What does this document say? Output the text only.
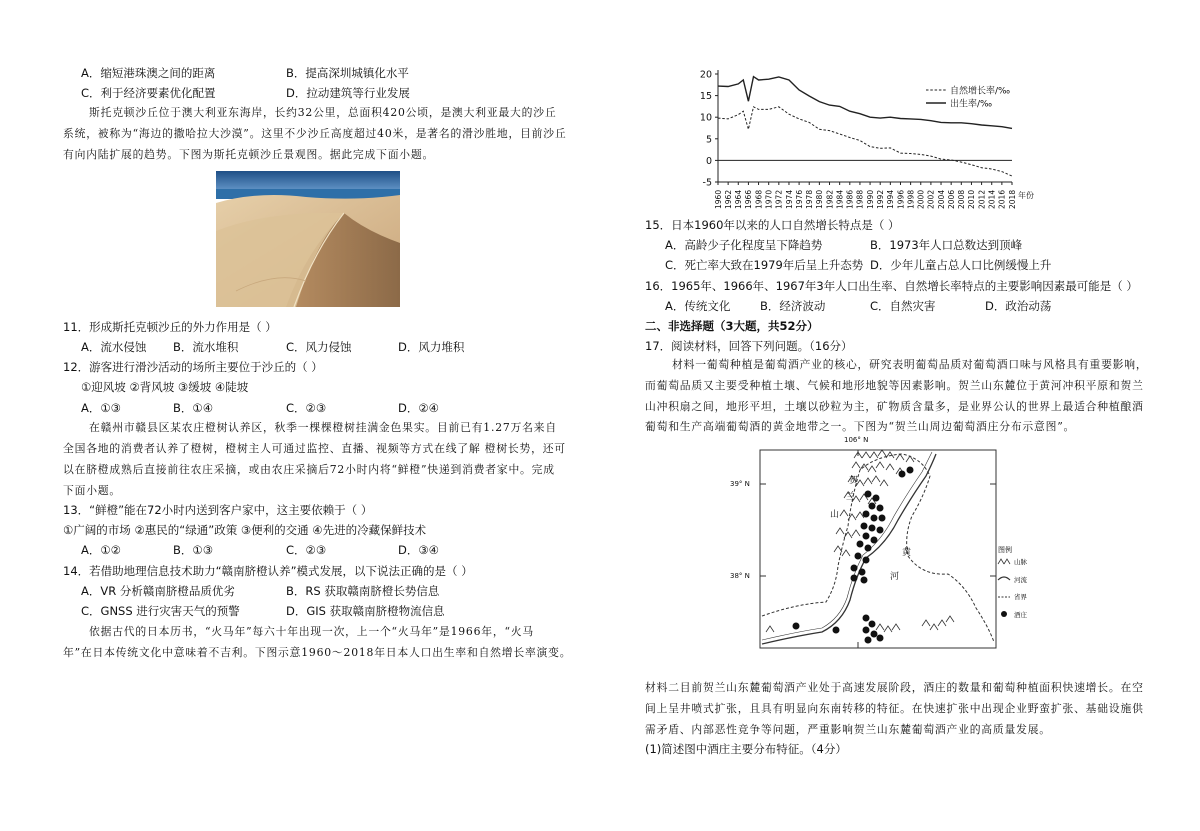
A．缩短港珠澳之间的距离	B．提高深圳城镇化水平
C．利于经济要素优化配置	D．拉动建筑等行业发展
斯托克顿沙丘位于澳大利亚东海岸，长约32公里，总面积420公顷，是澳大利亚最大的沙丘
系统，被称为“海边的撒哈拉大沙漠”。这里不少沙丘高度超过40米，是著名的滑沙胜地，目前沙丘
有向内陆扩展的趋势。下图为斯托克顿沙丘景观图。据此完成下面小题。
11．形成斯托克顿沙丘的外力作用是（ ）
A．流水侵蚀 B．流水堆积	C．风力侵蚀	D．风力堆积
12．游客进行滑沙活动的场所主要位于沙丘的（ ）
①迎风坡 ②背风坡 ③缓坡 ④陡坡
A．①③	B．①④	C．②③	D．②④
在赣州市赣县区某农庄橙树认养区，秋季一棵棵橙树挂满金色果实。目前已有1.27万名来自
全国各地的消费者认养了橙树，橙树主人可通过监控、直播、视频等方式在线了解 橙树长势，还可
以在脐橙成熟后直接前往农庄采摘，或由农庄采摘后72小时内将“鲜橙”快递到消费者家中。完成
下面小题。
13．“鲜橙”能在72小时内送到客户家中，这主要依赖于（ ）
①广阔的市场 ②惠民的“绿通”政策 ③便利的交通 ④先进的冷藏保鲜技术
A．①②	B．①③	C．②③	D．③④
14．若借助地理信息技术助力“赣南脐橙认养”模式发展，以下说法正确的是（ ）
A．VR 分析赣南脐橙品质优劣	B．RS 获取赣南脐橙长势信息
C．GNSS 进行灾害天气的预警	D．GIS 获取赣南脐橙物流信息
依据古代的日本历书，“火马年”每六十年出现一次，上一个“火马年”是1966年，“火马
年”在日本传统文化中意味着不吉利。下图示意1960～2018年日本人口出生率和自然增长率演变。
20
15
10
5
0
-5
1960 1962 1964 1966 1968 1970 1972 1974 1976 1978 1980 1982 1984 1986 1988 1990 1992 1994 1996 1998 2000 2002 2004 2006 2008 2010 2012 2014 2016 2018 年份
自然增长率/‰
出生率/‰
15．日本1960年以来的人口自然增长特点是（ ）
A．高龄少子化程度呈下降趋势	B．1973年人口总数达到顶峰
C．死亡率大致在1979年后呈上升态势 D．少年儿童占总人口比例缓慢上升
16．1965年、1966年、1967年3年人口出生率、自然增长率特点的主要影响因素最可能是（ ）
A．传统文化	B．经济波动	C．自然灾害	D．政治动荡
二、非选择题（3大题，共52分）
17．阅读材料，回答下列问题。（16分）
材料一葡萄种植是葡萄酒产业的核心，研究表明葡萄品质对葡萄酒口味与风格具有重要影响，
而葡萄品质又主要受种植土壤、气候和地形地貌等因素影响。贺兰山东麓位于黄河冲积平原和贺兰
山冲积扇之间，地形平坦，土壤以砂粒为主，矿物质含量多，是业界公认的世界上最适合种植酿酒
葡萄和生产高端葡萄酒的黄金地带之一。下图为“贺兰山周边葡萄酒庄分布示意图”。
图例
山脉
河流
省界
酒庄
106° N
39° N
38° N
贺
兰
山
黄
河
材料二目前贺兰山东麓葡萄酒产业处于高速发展阶段，酒庄的数量和葡萄种植面积快速增长。在空
间上呈井喷式扩张，且具有明显向东南转移的特征。在快速扩张中出现企业野蛮扩张、基础设施供
需矛盾、内部恶性竞争等问题，严重影响贺兰山东麓葡萄酒产业的高质量发展。
(1)简述图中酒庄主要分布特征。（4分）
